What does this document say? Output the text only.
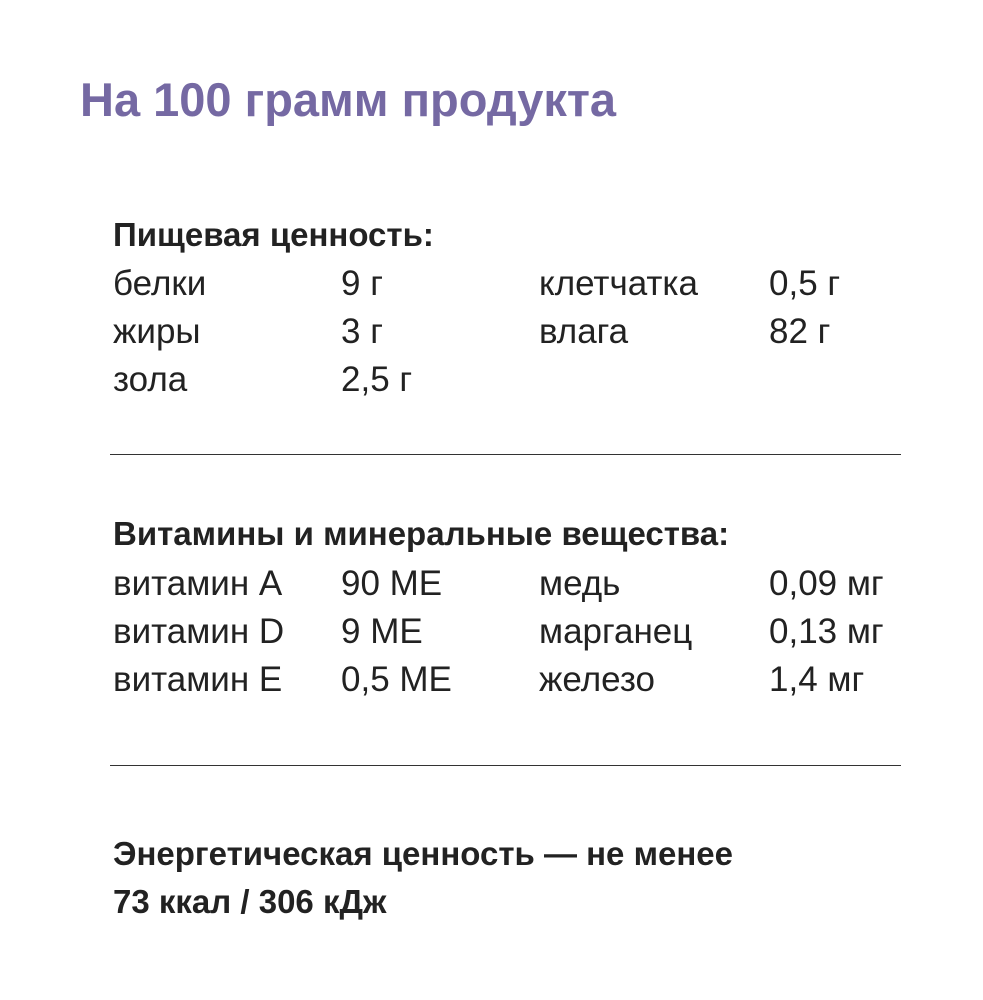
На 100 грамм продукта
Пищевая ценность:
белки	9 г	клетчатка 0,5 г
жиры	3 г	влага	82 г
зола	2,5 г
Витамины и минеральные вещества:
витамин A 90 МЕ	медь	0,09 мг
витамин D 9 МЕ	марганец 0,13 мг
витамин E 0,5 МЕ железо	1,4 мг
Энергетическая ценность — не менее
73 ккал / 306 кДж
